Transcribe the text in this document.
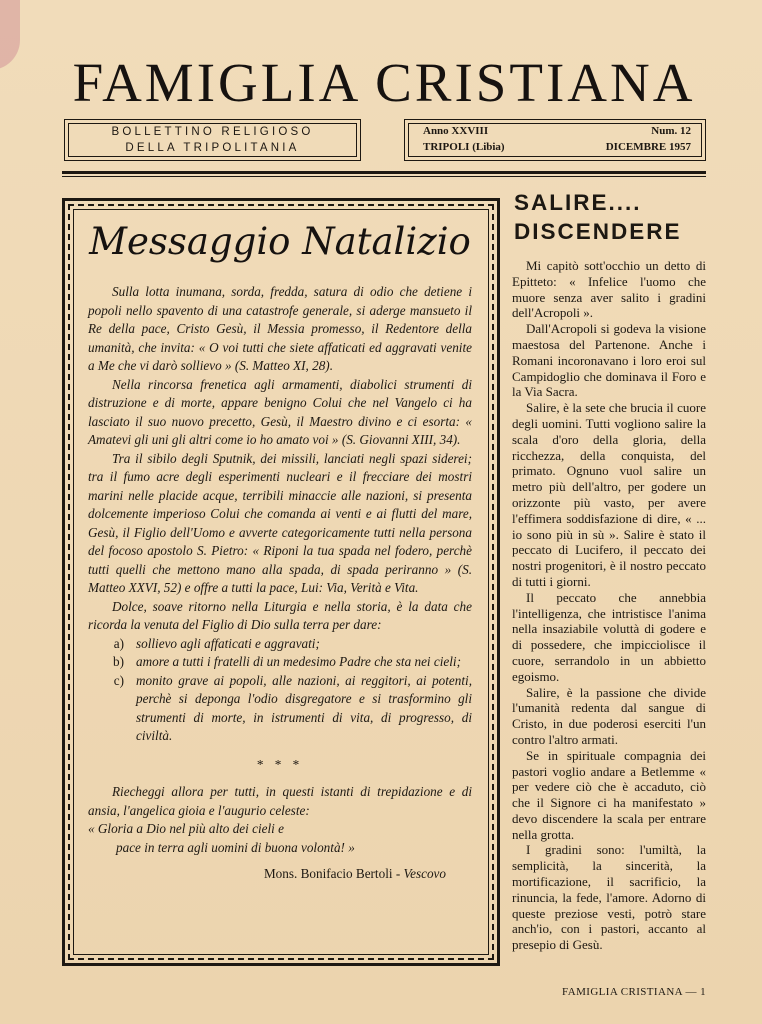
FAMIGLIA CRISTIANA
BOLLETTINO RELIGIOSO
DELLA TRIPOLITANIA
Anno XXVIII
TRIPOLI (Libia)
Num. 12
DICEMBRE 1957
Messaggio Natalizio

Sulla lotta inumana, sorda, fredda, satura di odio che detiene i popoli nello spavento di una catastrofe generale, si aderge mansueto il Re della pace, Cristo Gesù, il Messia promesso, il Redentore della umanità, che invita: « O voi tutti che siete affaticati ed aggravati venite a Me che vi darò sollievo » (S. Matteo XI, 28).

Nella rincorsa frenetica agli armamenti, diabolici strumenti di distruzione e di morte, appare benigno Colui che nel Vangelo ci ha lasciato il suo nuovo precetto, Gesù, il Maestro divino e ci esorta: « Amatevi gli uni gli altri come io ho amato voi » (S. Giovanni XIII, 34).

Tra il sibilo degli Sputnik, dei missili, lanciati negli spazi siderei; tra il fumo acre degli esperimenti nucleari e il frecciare dei mostri marini nelle placide acque, terribili minaccie alle nazioni, si presenta dolcemente imperioso Colui che comanda ai venti e ai flutti del mare, Gesù, il Figlio dell'Uomo e avverte categoricamente tutti nella persona del focoso apostolo S. Pietro: « Riponi la tua spada nel fodero, perchè tutti quelli che mettono mano alla spada, di spada periranno » (S. Matteo XXVI, 52) e offre a tutti la pace, Lui: Via, Verità e Vita.

Dolce, soave ritorno nella Liturgia e nella storia, è la data che ricorda la venuta del Figlio di Dio sulla terra per dare:

a) sollievo agli affaticati e aggravati;
b) amore a tutti i fratelli di un medesimo Padre che sta nei cieli;
c) monito grave ai popoli, alle nazioni, ai reggitori, ai potenti, perchè si deponga l'odio disgregatore e si trasformino gli strumenti di morte, in istrumenti di vita, di progresso, di civiltà.
* * *

Riecheggi allora per tutti, in questi istanti di trepidazione e di ansia, l'angelica gioia e l'augurio celeste:

« Gloria a Dio nel più alto dei cieli e
pace in terra agli uomini di buona volontà! »
Mons. Bonifacio Bertoli - Vescovo
SALIRE....
DISCENDERE

Mi capitò sott'occhio un detto di Epitteto: « Infelice l'uomo che muore senza aver salito i gradini dell'Acropoli ».

Dall'Acropoli si godeva la visione maestosa del Partenone. Anche i Romani incoronavano i loro eroi sul Campidoglio che dominava il Foro e la Via Sacra.

Salire, è la sete che brucia il cuore degli uomini. Tutti vogliono salire la scala d'oro della gloria, della ricchezza, della conquista, del primato. Ognuno vuol salire un metro più dell'altro, per godere un orizzonte più vasto, per avere l'effimera soddisfazione di dire, « ... io sono più in sù ». Salire è stato il peccato di Lucifero, il peccato dei nostri progenitori, è il nostro peccato di tutti i giorni.

Il peccato che annebbia l'intelligenza, che intristisce l'anima nella insaziabile voluttà di godere e di possedere, che impicciolisce il cuore, serrandolo in un abbietto egoismo.

Salire, è la passione che divide l'umanità redenta dal sangue di Cristo, in due poderosi eserciti l'un contro l'altro armati.

Se in spirituale compagnia dei pastori voglio andare a Betlemme « per vedere ciò che è accaduto, ciò che il Signore ci ha manifestato » devo discendere la scala per entrare nella grotta.

I gradini sono: l'umiltà, la semplicità, la sincerità, la mortificazione, il sacrificio, la rinuncia, la fede, l'amore. Adorno di queste preziose vesti, potrò stare anch'io, con i pastori, accanto al presepio di Gesù.

FAMIGLIA CRISTIANA — 1
